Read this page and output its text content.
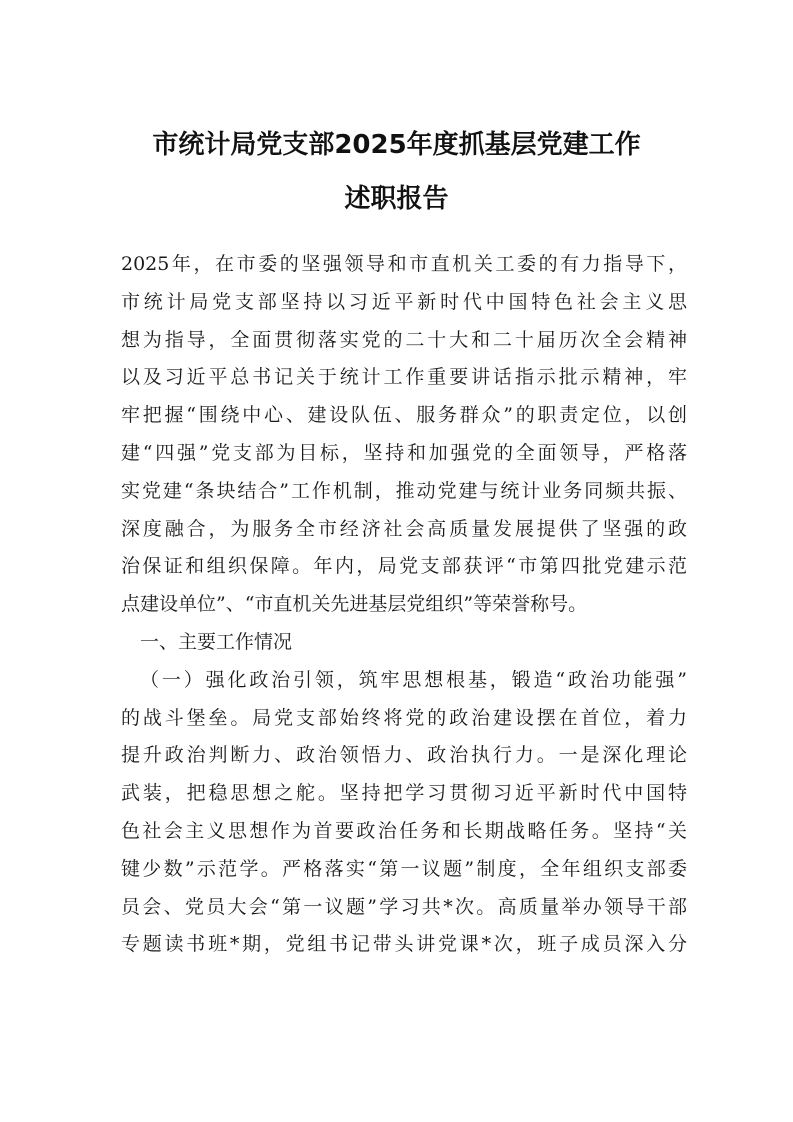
市统计局党支部2025年度抓基层党建工作
述职报告
2025年，在市委的坚强领导和市直机关工委的有力指导下，
市统计局党支部坚持以习近平新时代中国特色社会主义思
想为指导，全面贯彻落实党的二十大和二十届历次全会精神
以及习近平总书记关于统计工作重要讲话指示批示精神，牢
牢把握“围绕中心、建设队伍、服务群众”的职责定位，以创
建“四强”党支部为目标，坚持和加强党的全面领导，严格落
实党建“条块结合”工作机制，推动党建与统计业务同频共振、
深度融合，为服务全市经济社会高质量发展提供了坚强的政
治保证和组织保障。年内，局党支部获评“市第四批党建示范
点建设单位”、“市直机关先进基层党组织”等荣誉称号。
一、主要工作情况
（一）强化政治引领，筑牢思想根基，锻造“政治功能强”
的战斗堡垒。局党支部始终将党的政治建设摆在首位，着力
提升政治判断力、政治领悟力、政治执行力。一是深化理论
武装，把稳思想之舵。坚持把学习贯彻习近平新时代中国特
色社会主义思想作为首要政治任务和长期战略任务。坚持“关
键少数”示范学。严格落实“第一议题”制度，全年组织支部委
员会、党员大会“第一议题”学习共*次。高质量举办领导干部
专题读书班*期，党组书记带头讲党课*次，班子成员深入分
